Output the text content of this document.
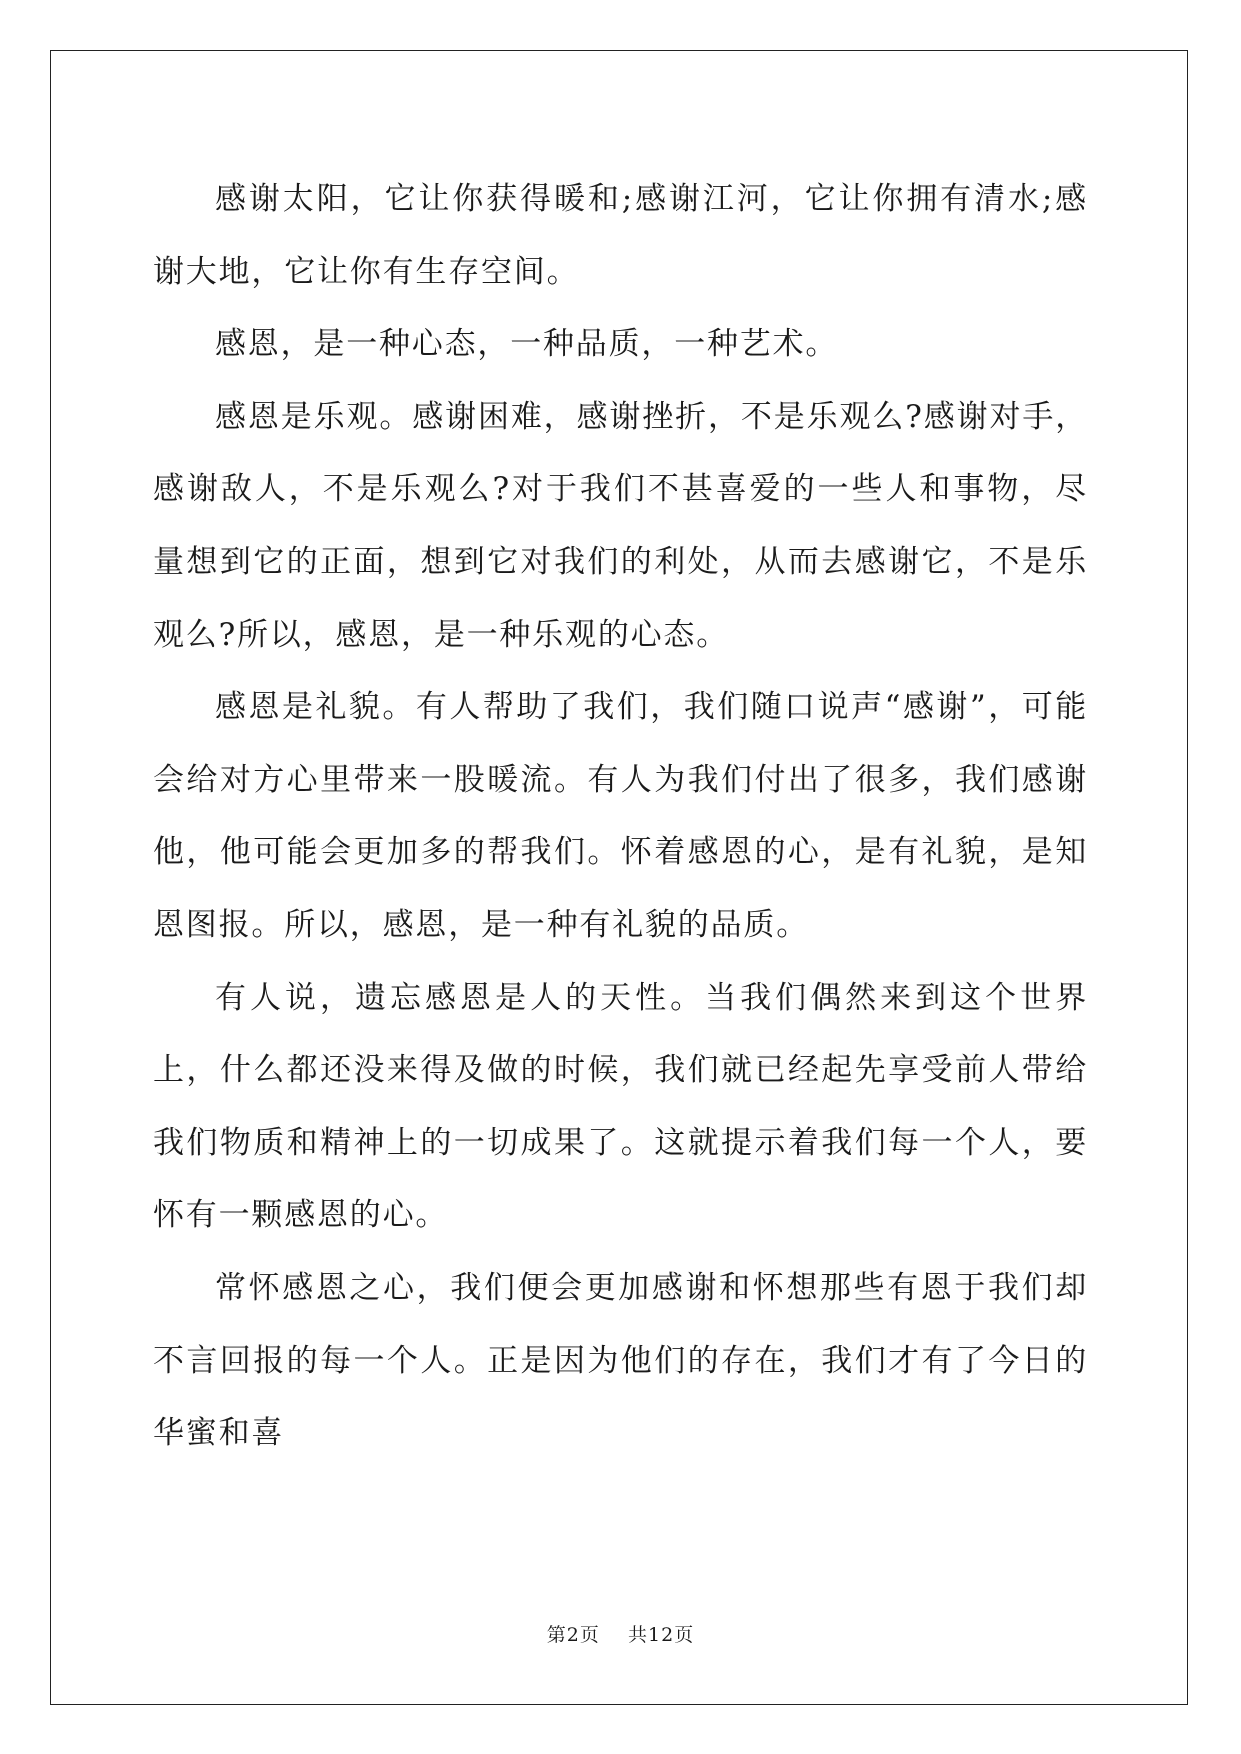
感谢太阳，它让你获得暖和;感谢江河，它让你拥有清水;感谢大地，它让你有生存空间。

感恩，是一种心态，一种品质，一种艺术。

感恩是乐观。感谢困难，感谢挫折，不是乐观么?感谢对手，感谢敌人，不是乐观么?对于我们不甚喜爱的一些人和事物，尽量想到它的正面，想到它对我们的利处，从而去感谢它，不是乐观么?所以，感恩，是一种乐观的心态。

感恩是礼貌。有人帮助了我们，我们随口说声“感谢”，可能会给对方心里带来一股暖流。有人为我们付出了很多，我们感谢他，他可能会更加多的帮我们。怀着感恩的心，是有礼貌，是知恩图报。所以，感恩，是一种有礼貌的品质。

有人说，遗忘感恩是人的天性。当我们偶然来到这个世界上，什么都还没来得及做的时候，我们就已经起先享受前人带给我们物质和精神上的一切成果了。这就提示着我们每一个人，要怀有一颗感恩的心。

常怀感恩之心，我们便会更加感谢和怀想那些有恩于我们却不言回报的每一个人。正是因为他们的存在，我们才有了今日的华蜜和喜

第2页 共12页
